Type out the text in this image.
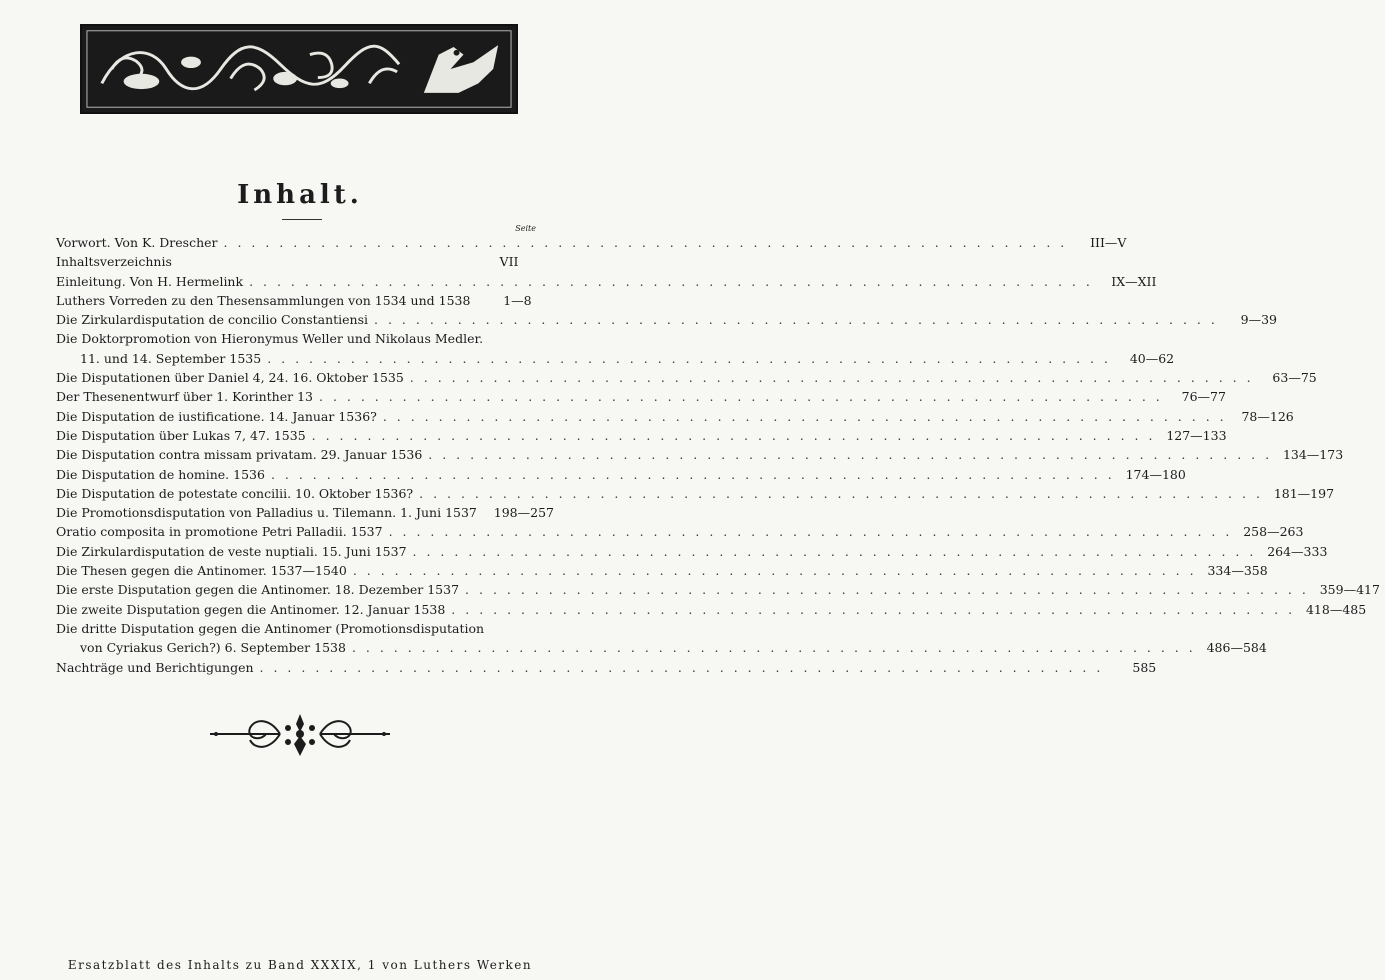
Inhalt.
Seite
Vorwort. Von K. Drescher . . .	III—V
Inhaltsverzeichnis	VII
Einleitung. Von H. Hermelink . . .	IX—XII
Luthers Vorreden zu den Thesensammlungen von 1534 und 1538	1—8
Die Zirkulardisputation de concilio Constantiensi . . .	9—39
Die Doktorpromotion von Hieronymus Weller und Nikolaus Medler.
11. und 14. September 1535 . . .	40—62
Die Disputationen über Daniel 4, 24. 16. Oktober 1535 . . .	63—75
Der Thesenentwurf über 1. Korinther 13 . . .	76—77
Die Disputation de iustificatione. 14. Januar 1536? . . .	78—126
Die Disputation über Lukas 7, 47. 1535 . . .	127—133
Die Disputation contra missam privatam. 29. Januar 1536 . . .	134—173
Die Disputation de homine. 1536 . . .	174—180
Die Disputation de potestate concilii. 10. Oktober 1536? . . .	181—197
Die Promotionsdisputation von Palladius u. Tilemann. 1. Juni 1537	198—257
Oratio composita in promotione Petri Palladii. 1537 . . .	258—263
Die Zirkulardisputation de veste nuptiali. 15. Juni 1537 . . .	264—333
Die Thesen gegen die Antinomer. 1537—1540 . . .	334—358
Die erste Disputation gegen die Antinomer. 18. Dezember 1537 . . .	359—417
Die zweite Disputation gegen die Antinomer. 12. Januar 1538 . . .	418—485
Die dritte Disputation gegen die Antinomer (Promotionsdisputation
von Cyriakus Gerich?) 6. September 1538 . . .	486—584
Nachträge und Berichtigungen . . .	585
Ersatzblatt des Inhalts zu Band XXXIX, 1 von Luthers Werken
